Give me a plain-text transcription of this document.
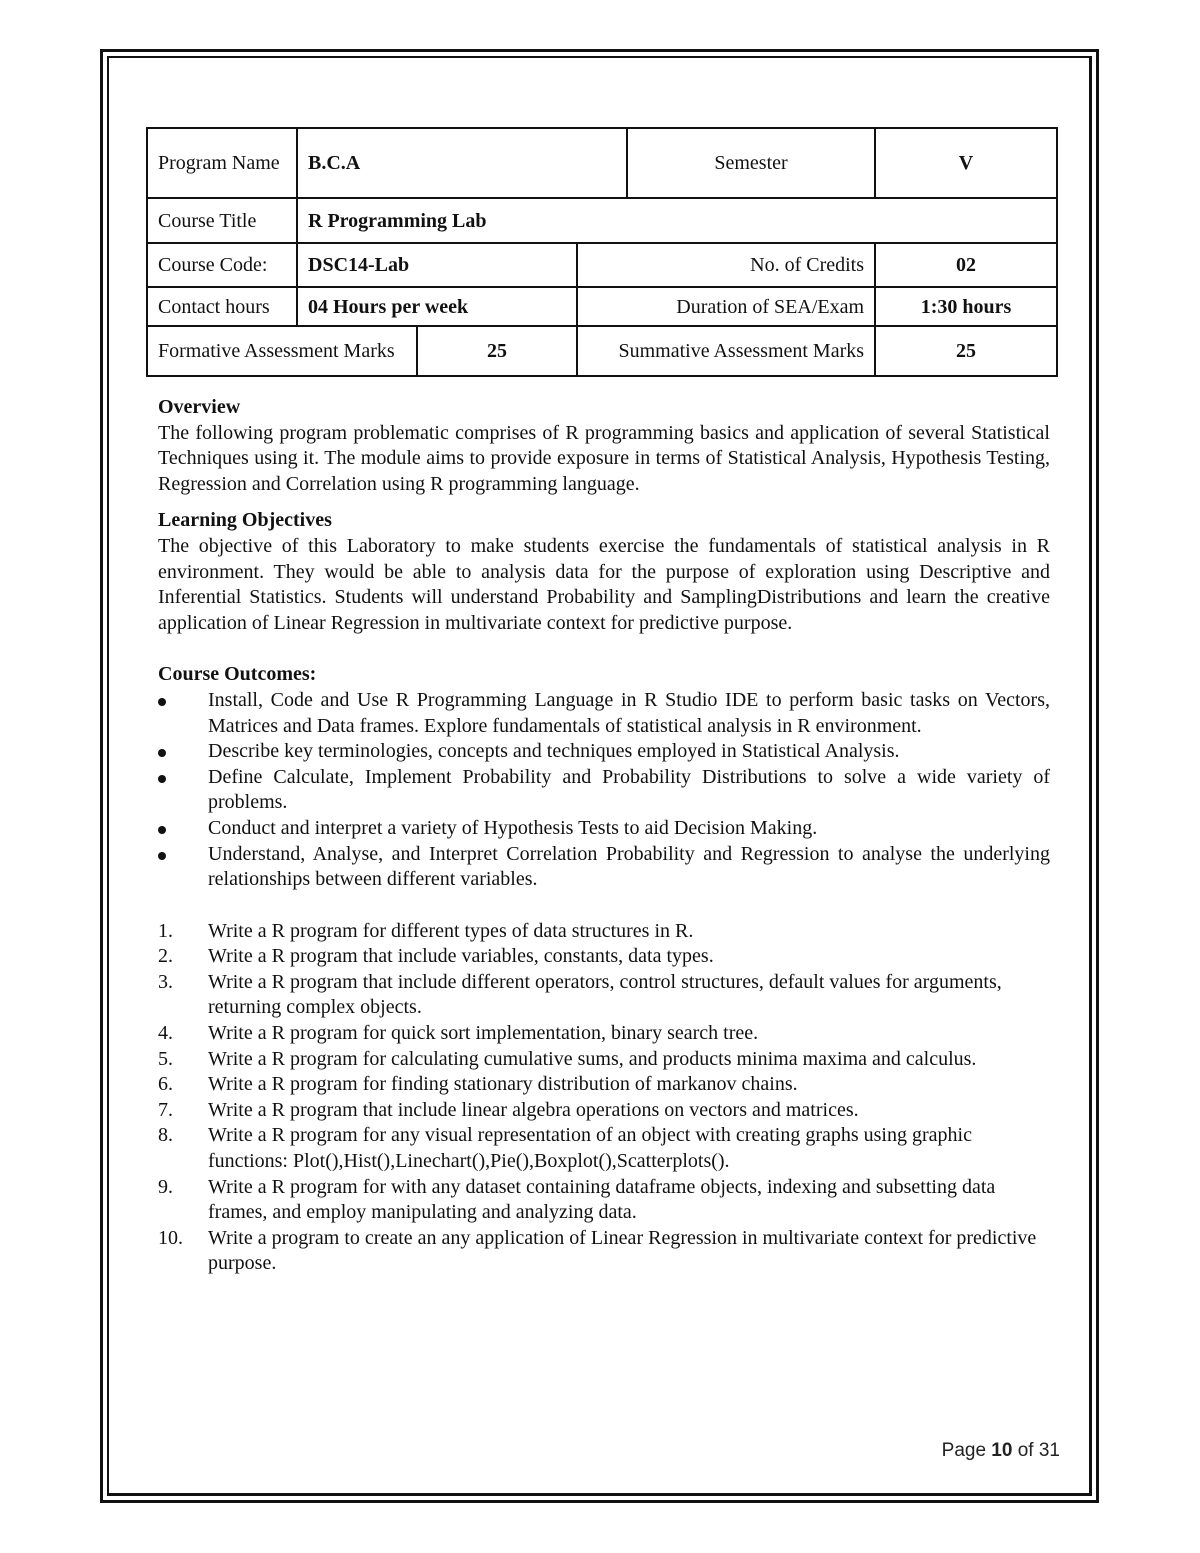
Program Name	B.C.A			Semester	V
Course Title	R Programming Lab				
Course Code:	DSC14-Lab		No. of Credits		02
Contact hours	04 Hours per week		Duration of SEA/Exam		1:30 hours
Formative Assessment Marks		25	Summative Assessment Marks		25

Overview

The following program problematic comprises of R programming basics and application of several Statistical Techniques using it. The module aims to provide exposure in terms of Statistical Analysis, Hypothesis Testing, Regression and Correlation using R programming language.

Learning Objectives

The objective of this Laboratory to make students exercise the fundamentals of statistical analysis in R environment. They would be able to analysis data for the purpose of exploration using Descriptive and Inferential Statistics. Students will understand Probability and SamplingDistributions and learn the creative application of Linear Regression in multivariate context for predictive purpose.

Course Outcomes:

Install, Code and Use R Programming Language in R Studio IDE to perform basic tasks on Vectors, Matrices and Data frames. Explore fundamentals of statistical analysis in R environment.
Describe key terminologies, concepts and techniques employed in Statistical Analysis.
Define Calculate, Implement Probability and Probability Distributions to solve a wide variety of problems.
Conduct and interpret a variety of Hypothesis Tests to aid Decision Making.
Understand, Analyse, and Interpret Correlation Probability and Regression to analyse the underlying relationships between different variables.
1. Write a R program for different types of data structures in R.
2. Write a R program that include variables, constants, data types.
3. Write a R program that include different operators, control structures, default values for arguments, returning complex objects.
4. Write a R program for quick sort implementation, binary search tree.
5. Write a R program for calculating cumulative sums, and products minima maxima and calculus.
6. Write a R program for finding stationary distribution of markanov chains.
7. Write a R program that include linear algebra operations on vectors and matrices.
8. Write a R program for any visual representation of an object with creating graphs using graphic functions: Plot(),Hist(),Linechart(),Pie(),Boxplot(),Scatterplots().
9. Write a R program for with any dataset containing dataframe objects, indexing and subsetting data frames, and employ manipulating and analyzing data.
10. Write a program to create an any application of Linear Regression in multivariate context for predictive purpose.
Page 10 of 31
